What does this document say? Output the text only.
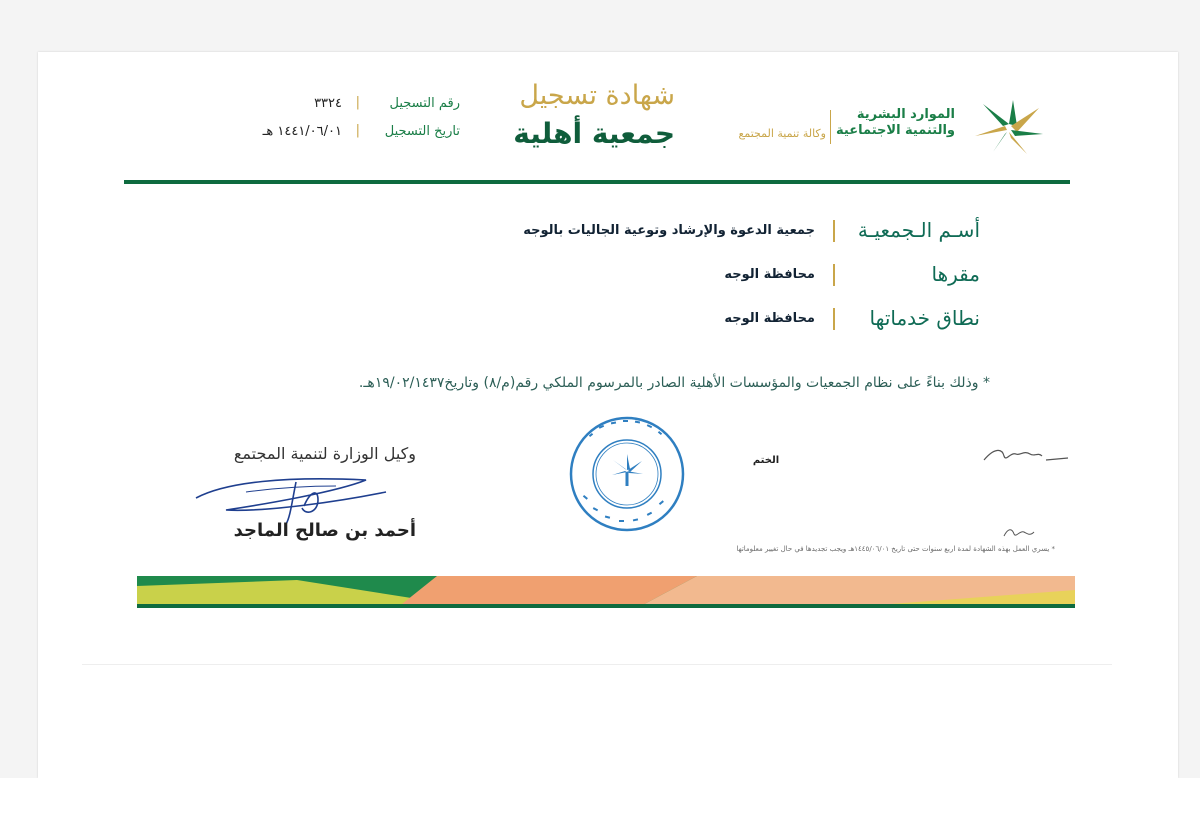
الموارد البشرية
والتنمية الاجتماعية
وكالة تنمية المجتمع
شهادة تسجيل
جمعية أهلية
رقم التسجيل
|
٣٣٢٤
تاريخ التسجيل
|
١٤٤١/٠٦/٠١ هـ
أسـم الـجمعيـة
جمعية الدعوة والإرشاد وتوعية الجاليات بالوجه
مقرها
محافظة الوجه
نطاق خدماتها
محافظة الوجه
* وذلك بناءً على نظام الجمعيات والمؤسسات الأهلية الصادر بالمرسوم الملكي رقم(م/٨) وتاريخ١٩/٠٢/١٤٣٧هـ.
الختم
وكيل الوزارة لتنمية المجتمع
أحمد بن صالح الماجد
* يسري العمل بهذه الشهادة لمدة اربع سنوات حتى تاريخ ١٤٤٥/٠٦/٠١هـ ويجب تجديدها في حال تغيير معلوماتها
